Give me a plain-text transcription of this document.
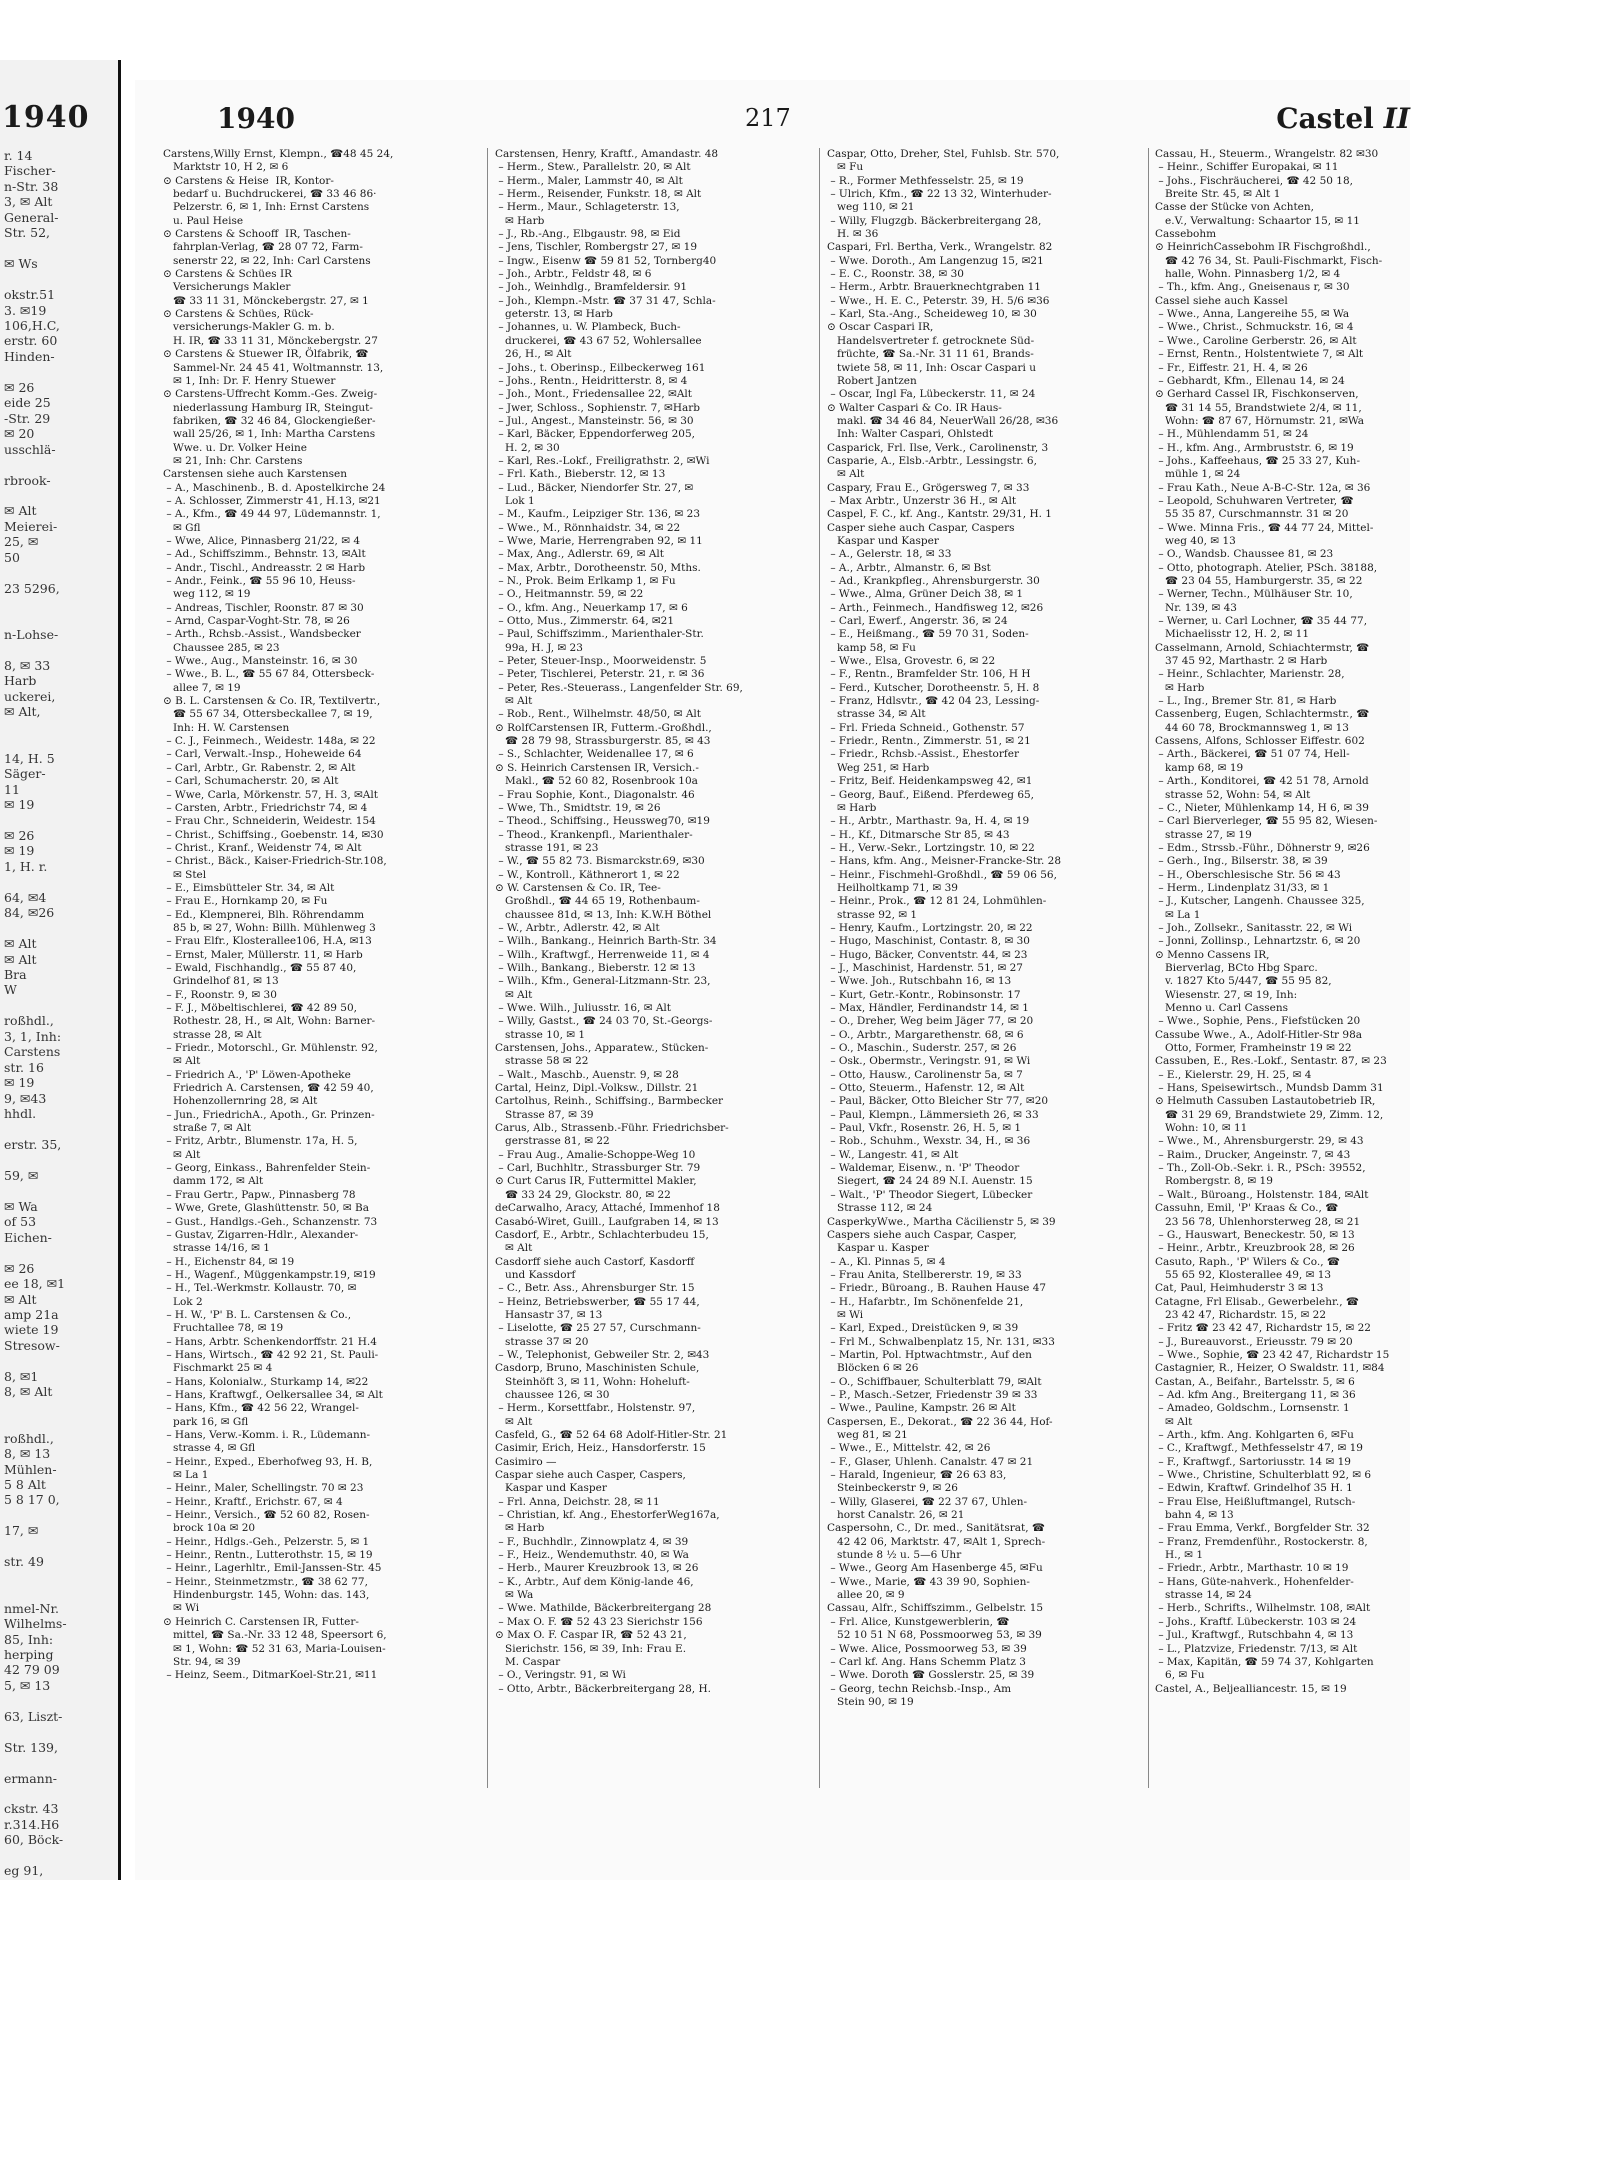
1940
r. 14
Fischer-
n-Str. 38
3, ✉ Alt
General-
Str. 52,

✉ Ws

okstr.51
3. ✉19
106,H.C,
erstr. 60
Hinden-

✉ 26
eide 25
-Str. 29
✉ 20
usschlä-

rbrook-

✉ Alt
Meierei-
25, ✉
50

23 5296,

n-Lohse-

8, ✉ 33
Harb
uckerei,
✉ Alt,

14, H. 5
Säger-
11
✉ 19

✉ 26
✉ 19
1, H. r.

64, ✉4
84, ✉26

✉ Alt
✉ Alt
Bra
W

roßhdl.,
3, 1, Inh:
Carstens
str. 16
✉ 19
9, ✉43
hhdl.

erstr. 35,

59, ✉

✉ Wa
of 53
Eichen-

✉ 26
ee 18, ✉1
✉ Alt
amp 21a
wiete 19
Stresow-

8, ✉1
8, ✉ Alt

roßhdl.,
8, ✉ 13
Mühlen-
5 8 Alt
5 8 17 0,

17, ✉

str. 49

nmel-Nr.
Wilhelms-
85, Inh:
herping
42 79 09
5, ✉ 13

63, Liszt-

Str. 139,

ermann-

ckstr. 43
r.314.H6
60, Böck-

eg 91,
1940	217	Castel II
Carstens,Willy Ernst, Klempn., ☎48 45 24,
Marktstr 10, H 2, ✉ 6
⊙ Carstens & Heise  IR, Kontor-
bedarf u. Buchdruckerei, ☎ 33 46 86·
Pelzerstr. 6, ✉ 1, Inh: Ernst Carstens
u. Paul Heise
⊙ Carstens & Schooff  IR, Taschen-
fahrplan-Verlag, ☎ 28 07 72, Farm-
senerstr 22, ✉ 22, Inh: Carl Carstens
⊙ Carstens & Schües IR
Versicherungs Makler
☎ 33 11 31, Mönckebergstr. 27, ✉ 1
⊙ Carstens & Schües, Rück-
versicherungs-Makler G. m. b.
H. IR, ☎ 33 11 31, Mönckebergstr. 27
⊙ Carstens & Stuewer IR, Ölfabrik, ☎
Sammel-Nr. 24 45 41, Woltmannstr. 13,
✉ 1, Inh: Dr. F. Henry Stuewer
⊙ Carstens-Uffrecht Komm.-Ges. Zweig-
niederlassung Hamburg IR, Steingut-
fabriken, ☎ 32 46 84, Glockengießer-
wall 25/26, ✉ 1, Inh: Martha Carstens
Wwe. u. Dr. Volker Heine
✉ 21, Inh: Chr. Carstens
Carstensen siehe auch Karstensen
– A., Maschinenb., B. d. Apostelkirche 24
– A. Schlosser, Zimmerstr 41, H.13, ✉21
– A., Kfm., ☎ 49 44 97, Lüdemannstr. 1,
✉ Gfl
– Wwe, Alice, Pinnasberg 21/22, ✉ 4
– Ad., Schiffszimm., Behnstr. 13, ✉Alt
– Andr., Tischl., Andreasstr. 2 ✉ Harb
– Andr., Feink., ☎ 55 96 10, Heuss-
weg 112, ✉ 19
– Andreas, Tischler, Roonstr. 87 ✉ 30
– Arnd, Caspar-Voght-Str. 78, ✉ 26
– Arth., Rchsb.-Assist., Wandsbecker
Chaussee 285, ✉ 23
– Wwe., Aug., Mansteinstr. 16, ✉ 30
– Wwe., B. L., ☎ 55 67 84, Ottersbeck-
allee 7, ✉ 19
⊙ B. L. Carstensen & Co. IR, Textilvertr.,
☎ 55 67 34, Ottersbeckallee 7, ✉ 19,
Inh: H. W. Carstensen
– C. J., Feinmech., Weidestr. 148a, ✉ 22
– Carl, Verwalt.-Insp., Hoheweide 64
– Carl, Arbtr., Gr. Rabenstr. 2, ✉ Alt
– Carl, Schumacherstr. 20, ✉ Alt
– Wwe, Carla, Mörkenstr. 57, H. 3, ✉Alt
– Carsten, Arbtr., Friedrichstr 74, ✉ 4
– Frau Chr., Schneiderin, Weidestr. 154
– Christ., Schiffsing., Goebenstr. 14, ✉30
– Christ., Kranf., Weidenstr 74, ✉ Alt
– Christ., Bäck., Kaiser-Friedrich-Str.108,
✉ Stel
– E., Eimsbütteler Str. 34, ✉ Alt
– Frau E., Hornkamp 20, ✉ Fu
– Ed., Klempnerei, Blh. Röhrendamm
85 b, ✉ 27, Wohn: Billh. Mühlenweg 3
– Frau Elfr., Klosterallee106, H.A, ✉13
– Ernst, Maler, Müllerstr. 11, ✉ Harb
– Ewald, Fischhandlg., ☎ 55 87 40,
Grindelhof 81, ✉ 13
– F., Roonstr. 9, ✉ 30
– F. J., Möbeltischlerei, ☎ 42 89 50,
Rothestr. 28, H., ✉ Alt, Wohn: Barner-
strasse 28, ✉ Alt
– Friedr., Motorschl., Gr. Mühlenstr. 92,
✉ Alt
– Friedrich A., 'P' Löwen-Apotheke
Friedrich A. Carstensen, ☎ 42 59 40,
Hohenzollernring 28, ✉ Alt
– Jun., FriedrichA., Apoth., Gr. Prinzen-
straße 7, ✉ Alt
– Fritz, Arbtr., Blumenstr. 17a, H. 5,
✉ Alt
– Georg, Einkass., Bahrenfelder Stein-
damm 172, ✉ Alt
– Frau Gertr., Papw., Pinnasberg 78
– Wwe, Grete, Glashüttenstr. 50, ✉ Ba
– Gust., Handlgs.-Geh., Schanzenstr. 73
– Gustav, Zigarren-Hdlr., Alexander-
strasse 14/16, ✉ 1
– H., Eichenstr 84, ✉ 19
– H., Wagenf., Müggenkampstr.19, ✉19
– H., Tel.-Werkmstr. Kollaustr. 70, ✉
Lok 2
– H. W., 'P' B. L. Carstensen & Co.,
Fruchtallee 78, ✉ 19
– Hans, Arbtr. Schenkendorffstr. 21 H.4
– Hans, Wirtsch., ☎ 42 92 21, St. Pauli-
Fischmarkt 25 ✉ 4
– Hans, Kolonialw., Sturkamp 14, ✉22
– Hans, Kraftwgf., Oelkersallee 34, ✉ Alt
– Hans, Kfm., ☎ 42 56 22, Wrangel-
park 16, ✉ Gfl
– Hans, Verw.-Komm. i. R., Lüdemann-
strasse 4, ✉ Gfl
– Heinr., Exped., Eberhofweg 93, H. B,
✉ La 1
– Heinr., Maler, Schellingstr. 70 ✉ 23
– Heinr., Kraftf., Erichstr. 67, ✉ 4
– Heinr., Versich., ☎ 52 60 82, Rosen-
brock 10a ✉ 20
– Heinr., Hdlgs.-Geh., Pelzerstr. 5, ✉ 1
– Heinr., Rentn., Lutterothstr. 15, ✉ 19
– Heinr., Lagerhltr., Emil-Janssen-Str. 45
– Heinr., Steinmetzmstr., ☎ 38 62 77,
Hindenburgstr. 145, Wohn: das. 143,
✉ Wi
⊙ Heinrich C. Carstensen IR, Futter-
mittel, ☎ Sa.-Nr. 33 12 48, Speersort 6,
✉ 1, Wohn: ☎ 52 31 63, Maria-Louisen-
Str. 94, ✉ 39
– Heinz, Seem., DitmarKoel-Str.21, ✉11
Carstensen, Henry, Kraftf., Amandastr. 48
– Herm., Stew., Parallelstr. 20, ✉ Alt
– Herm., Maler, Lammstr 40, ✉ Alt
– Herm., Reisender, Funkstr. 18, ✉ Alt
– Herm., Maur., Schlageterstr. 13,
✉ Harb
– J., Rb.-Ang., Elbgaustr. 98, ✉ Eid
– Jens, Tischler, Rombergstr 27, ✉ 19
– Ingw., Eisenw ☎ 59 81 52, Tornberg40
– Joh., Arbtr., Feldstr 48, ✉ 6
– Joh., Weinhdlg., Bramfeldersir. 91
– Joh., Klempn.-Mstr. ☎ 37 31 47, Schla-
geterstr. 13, ✉ Harb
– Johannes, u. W. Plambeck, Buch-
druckerei, ☎ 43 67 52, Wohlersallee
26, H., ✉ Alt
– Johs., t. Oberinsp., Eilbeckerweg 161
– Johs., Rentn., Heidritterstr. 8, ✉ 4
– Joh., Mont., Friedensallee 22, ✉Alt
– Jwer, Schloss., Sophienstr. 7, ✉Harb
– Jul., Angest., Mansteinstr. 56, ✉ 30
– Karl, Bäcker, Eppendorferweg 205,
H. 2, ✉ 30
– Karl, Res.-Lokf., Freiligrathstr. 2, ✉Wi
– Frl. Kath., Bieberstr. 12, ✉ 13
– Lud., Bäcker, Niendorfer Str. 27, ✉
Lok 1
– M., Kaufm., Leipziger Str. 136, ✉ 23
– Wwe., M., Rönnhaidstr. 34, ✉ 22
– Wwe, Marie, Herrengraben 92, ✉ 11
– Max, Ang., Adlerstr. 69, ✉ Alt
– Max, Arbtr., Dorotheenstr. 50, Mths.
– N., Prok. Beim Erlkamp 1, ✉ Fu
– O., Heitmannstr. 59, ✉ 22
– O., kfm. Ang., Neuerkamp 17, ✉ 6
– Otto, Mus., Zimmerstr. 64, ✉21
– Paul, Schiffszimm., Marienthaler-Str.
99a, H. J, ✉ 23
– Peter, Steuer-Insp., Moorweidenstr. 5
– Peter, Tischlerei, Peterstr. 21, r. ✉ 36
– Peter, Res.-Steuerass., Langenfelder Str. 69,
✉ Alt
– Rob., Rent., Wilhelmstr. 48/50, ✉ Alt
⊙ RolfCarstensen IR, Futterm.-Großhdl.,
☎ 28 79 98, Strassburgerstr. 85, ✉ 43
– S., Schlachter, Weidenallee 17, ✉ 6
⊙ S. Heinrich Carstensen IR, Versich.-
Makl., ☎ 52 60 82, Rosenbrook 10a
– Frau Sophie, Kont., Diagonalstr. 46
– Wwe, Th., Smidtstr. 19, ✉ 26
– Theod., Schiffsing., Heussweg70, ✉19
– Theod., Krankenpfl., Marienthaler-
strasse 191, ✉ 23
– W., ☎ 55 82 73. Bismarckstr.69, ✉30
– W., Kontroll., Käthnerort 1, ✉ 22
⊙ W. Carstensen & Co. IR, Tee-
Großhdl., ☎ 44 65 19, Rothenbaum-
chaussee 81d, ✉ 13, Inh: K.W.H Böthel
– W., Arbtr., Adlerstr. 42, ✉ Alt
– Wilh., Bankang., Heinrich Barth-Str. 34
– Wilh., Kraftwgf., Herrenweide 11, ✉ 4
– Wilh., Bankang., Bieberstr. 12 ✉ 13
– Wilh., Kfm., General-Litzmann-Str. 23,
✉ Alt
– Wwe. Wilh., Juliusstr. 16, ✉ Alt
– Willy, Gastst., ☎ 24 03 70, St.-Georgs-
strasse 10, ✉ 1
Carstensen, Johs., Apparatew., Stücken-
strasse 58 ✉ 22
– Walt., Maschb., Auenstr. 9, ✉ 28
Cartal, Heinz, Dipl.-Volksw., Dillstr. 21
Cartolhus, Reinh., Schiffsing., Barmbecker
Strasse 87, ✉ 39
Carus, Alb., Strassenb.-Führ. Friedrichsber-
gerstrasse 81, ✉ 22
– Frau Aug., Amalie-Schoppe-Weg 10
– Carl, Buchhltr., Strassburger Str. 79
⊙ Curt Carus IR, Futtermittel Makler,
☎ 33 24 29, Glockstr. 80, ✉ 22
deCarwalho, Aracy, Attaché, Immenhof 18
Casabó-Wiret, Guill., Laufgraben 14, ✉ 13
Casdorf, E., Arbtr., Schlachterbudeu 15,
✉ Alt
Casdorff siehe auch Castorf, Kasdorff
und Kassdorf
– C., Betr. Ass., Ahrensburger Str. 15
– Heinz, Betriebswerber, ☎ 55 17 44,
Hansastr 37, ✉ 13
– Liselotte, ☎ 25 27 57, Curschmann-
strasse 37 ✉ 20
– W., Telephonist, Gebweiler Str. 2, ✉43
Casdorp, Bruno, Maschinisten Schule,
Steinhöft 3, ✉ 11, Wohn: Hoheluft-
chaussee 126, ✉ 30
– Herm., Korsettfabr., Holstenstr. 97,
✉ Alt
Casfeld, G., ☎ 52 64 68 Adolf-Hitler-Str. 21
Casimir, Erich, Heiz., Hansdorferstr. 15
Casimiro —
Caspar siehe auch Casper, Caspers,
Kaspar und Kasper
– Frl. Anna, Deichstr. 28, ✉ 11
– Christian, kf. Ang., EhestorferWeg167a,
✉ Harb
– F., Buchhdlr., Zinnowplatz 4, ✉ 39
– F., Heiz., Wendemuthstr. 40, ✉ Wa
– Herb., Maurer Kreuzbrook 13, ✉ 26
– K., Arbtr., Auf dem König-lande 46,
✉ Wa
– Wwe. Mathilde, Bäckerbreitergang 28
– Max O. F. ☎ 52 43 23 Sierichstr 156
⊙ Max O. F. Caspar IR, ☎ 52 43 21,
Sierichstr. 156, ✉ 39, Inh: Frau E.
M. Caspar
– O., Veringstr. 91, ✉ Wi
– Otto, Arbtr., Bäckerbreitergang 28, H.
Caspar, Otto, Dreher, Stel, Fuhlsb. Str. 570,
✉ Fu
– R., Former Methfesselstr. 25, ✉ 19
– Ulrich, Kfm., ☎ 22 13 32, Winterhuder-
weg 110, ✉ 21
– Willy, Flugzgb. Bäckerbreitergang 28,
H. ✉ 36
Caspari, Frl. Bertha, Verk., Wrangelstr. 82
– Wwe. Doroth., Am Langenzug 15, ✉21
– E. C., Roonstr. 38, ✉ 30
– Herm., Arbtr. Brauerknechtgraben 11
– Wwe., H. E. C., Peterstr. 39, H. 5/6 ✉36
– Karl, Sta.-Ang., Scheideweg 10, ✉ 30
⊙ Oscar Caspari IR,
Handelsvertreter f. getrocknete Süd-
früchte, ☎ Sa.-Nr. 31 11 61, Brands-
twiete 58, ✉ 11, Inh: Oscar Caspari u
Robert Jantzen
– Oscar, Ingl Fa, Lübeckerstr. 11, ✉ 24
⊙ Walter Caspari & Co. IR Haus-
makl. ☎ 34 46 84, NeuerWall 26/28, ✉36
Inh: Walter Caspari, Ohlstedt
Casparick, Frl. Ilse, Verk., Carolinenstr, 3
Casparie, A., Elsb.-Arbtr., Lessingstr. 6,
✉ Alt
Caspary, Frau E., Grögersweg 7, ✉ 33
– Max Arbtr., Unzerstr 36 H., ✉ Alt
Caspel, F. C., kf. Ang., Kantstr. 29/31, H. 1
Casper siehe auch Caspar, Caspers
Kaspar und Kasper
– A., Gelerstr. 18, ✉ 33
– A., Arbtr., Almanstr. 6, ✉ Bst
– Ad., Krankpfleg., Ahrensburgerstr. 30
– Wwe., Alma, Grüner Deich 38, ✉ 1
– Arth., Feinmech., Handfisweg 12, ✉26
– Carl, Ewerf., Angerstr. 36, ✉ 24
– E., Heißmang., ☎ 59 70 31, Soden-
kamp 58, ✉ Fu
– Wwe., Elsa, Grovestr. 6, ✉ 22
– F., Rentn., Bramfelder Str. 106, H H
– Ferd., Kutscher, Dorotheenstr. 5, H. 8
– Franz, Hdlsvtr., ☎ 42 04 23, Lessing-
strasse 34, ✉ Alt
– Frl. Frieda Schneid., Gothenstr. 57
– Friedr., Rentn., Zimmerstr. 51, ✉ 21
– Friedr., Rchsb.-Assist., Ehestorfer
Weg 251, ✉ Harb
– Fritz, Beif. Heidenkampsweg 42, ✉1
– Georg, Bauf., Eißend. Pferdeweg 65,
✉ Harb
– H., Arbtr., Marthastr. 9a, H. 4, ✉ 19
– H., Kf., Ditmarsche Str 85, ✉ 43
– H., Verw.-Sekr., Lortzingstr. 10, ✉ 22
– Hans, kfm. Ang., Meisner-Francke-Str. 28
– Heinr., Fischmehl-Großhdl., ☎ 59 06 56,
Heilholtkamp 71, ✉ 39
– Heinr., Prok., ☎ 12 81 24, Lohmühlen-
strasse 92, ✉ 1
– Henry, Kaufm., Lortzingstr. 20, ✉ 22
– Hugo, Maschinist, Contastr. 8, ✉ 30
– Hugo, Bäcker, Conventstr. 44, ✉ 23
– J., Maschinist, Hardenstr. 51, ✉ 27
– Wwe. Joh., Rutschbahn 16, ✉ 13
– Kurt, Getr.-Kontr., Robinsonstr. 17
– Max, Händler, Ferdinandstr 14, ✉ 1
– O., Dreher, Weg beim Jäger 77, ✉ 20
– O., Arbtr., Margarethenstr. 68, ✉ 6
– O., Maschin., Suderstr. 257, ✉ 26
– Osk., Obermstr., Veringstr. 91, ✉ Wi
– Otto, Hausw., Carolinenstr 5a, ✉ 7
– Otto, Steuerm., Hafenstr. 12, ✉ Alt
– Paul, Bäcker, Otto Bleicher Str 77, ✉20
– Paul, Klempn., Lämmersieth 26, ✉ 33
– Paul, Vkfr., Rosenstr. 26, H. 5, ✉ 1
– Rob., Schuhm., Wexstr. 34, H., ✉ 36
– W., Langestr. 41, ✉ Alt
– Waldemar, Eisenw., n. 'P' Theodor
Siegert, ☎ 24 24 89 N.I. Auenstr. 15
– Walt., 'P' Theodor Siegert, Lübecker
Strasse 112, ✉ 24
CasperkyWwe., Martha Cäcilienstr 5, ✉ 39
Caspers siehe auch Caspar, Casper,
Kaspar u. Kasper
– A., Kl. Pinnas 5, ✉ 4
– Frau Anita, Stellbererstr. 19, ✉ 33
– Friedr., Büroang., B. Rauhen Hause 47
– H., Hafarbtr., Im Schönenfelde 21,
✉ Wi
– Karl, Exped., Dreistücken 9, ✉ 39
– Frl M., Schwalbenplatz 15, Nr. 131, ✉33
– Martin, Pol. Hptwachtmstr., Auf den
Blöcken 6 ✉ 26
– O., Schiffbauer, Schulterblatt 79, ✉Alt
– P., Masch.-Setzer, Friedenstr 39 ✉ 33
– Wwe., Pauline, Kampstr. 26 ✉ Alt
Caspersen, E., Dekorat., ☎ 22 36 44, Hof-
weg 81, ✉ 21
– Wwe., E., Mittelstr. 42, ✉ 26
– F., Glaser, Uhlenh. Canalstr. 47 ✉ 21
– Harald, Ingenieur, ☎ 26 63 83,
Steinbeckerstr 9, ✉ 26
– Willy, Glaserei, ☎ 22 37 67, Uhlen-
horst Canalstr. 26, ✉ 21
Caspersohn, C., Dr. med., Sanitätsrat, ☎
42 42 06, Marktstr. 47, ✉Alt 1, Sprech-
stunde 8 ½ u. 5—6 Uhr
– Wwe., Georg Am Hasenberge 45, ✉Fu
– Wwe., Marie, ☎ 43 39 90, Sophien-
allee 20, ✉ 9
Cassau, Alfr., Schiffszimm., Gelbelstr. 15
– Frl. Alice, Kunstgewerblerin, ☎
52 10 51 N 68, Possmoorweg 53, ✉ 39
– Wwe. Alice, Possmoorweg 53, ✉ 39
– Carl kf. Ang. Hans Schemm Platz 3
– Wwe. Doroth ☎ Gosslerstr. 25, ✉ 39
– Georg, techn Reichsb.-Insp., Am
Stein 90, ✉ 19
Cassau, H., Steuerm., Wrangelstr. 82 ✉30
– Heinr., Schiffer Europakai, ✉ 11
– Johs., Fischräucherei, ☎ 42 50 18,
Breite Str. 45, ✉ Alt 1
Casse der Stücke von Achten,
e.V., Verwaltung: Schaartor 15, ✉ 11
Cassebohm
⊙ HeinrichCassebohm IR Fischgroßhdl.,
☎ 42 76 34, St. Pauli-Fischmarkt, Fisch-
halle, Wohn. Pinnasberg 1/2, ✉ 4
– Th., kfm. Ang., Gneisenaus r, ✉ 30
Cassel siehe auch Kassel
– Wwe., Anna, Langereihe 55, ✉ Wa
– Wwe., Christ., Schmuckstr. 16, ✉ 4
– Wwe., Caroline Gerberstr. 26, ✉ Alt
– Ernst, Rentn., Holstentwiete 7, ✉ Alt
– Fr., Eiffestr. 21, H. 4, ✉ 26
– Gebhardt, Kfm., Ellenau 14, ✉ 24
⊙ Gerhard Cassel IR, Fischkonserven,
☎ 31 14 55, Brandstwiete 2/4, ✉ 11,
Wohn: ☎ 87 67, Hörnumstr. 21, ✉Wa
– H., Mühlendamm 51, ✉ 24
– H., kfm. Ang., Armbruststr. 6, ✉ 19
– Johs., Kaffeehaus, ☎ 25 33 27, Kuh-
mühle 1, ✉ 24
– Frau Kath., Neue A-B-C-Str. 12a, ✉ 36
– Leopold, Schuhwaren Vertreter, ☎
55 35 87, Curschmannstr. 31 ✉ 20
– Wwe. Minna Fris., ☎ 44 77 24, Mittel-
weg 40, ✉ 13
– O., Wandsb. Chaussee 81, ✉ 23
– Otto, photograph. Atelier, PSch. 38188,
☎ 23 04 55, Hamburgerstr. 35, ✉ 22
– Werner, Techn., Mülhäuser Str. 10,
Nr. 139, ✉ 43
– Werner, u. Carl Lochner, ☎ 35 44 77,
Michaelisstr 12, H. 2, ✉ 11
Casselmann, Arnold, Schiachtermstr, ☎
37 45 92, Marthastr. 2 ✉ Harb
– Heinr., Schlachter, Marienstr. 28,
✉ Harb
– L., Ing., Bremer Str. 81, ✉ Harb
Cassenberg, Eugen, Schlachtermstr., ☎
44 60 78, Brockmannsweg 1, ✉ 13
Cassens, Alfons, Schlosser Eiffestr. 602
– Arth., Bäckerei, ☎ 51 07 74, Hell-
kamp 68, ✉ 19
– Arth., Konditorei, ☎ 42 51 78, Arnold
strasse 52, Wohn: 54, ✉ Alt
– C., Nieter, Mühlenkamp 14, H 6, ✉ 39
– Carl Bierverleger, ☎ 55 95 82, Wiesen-
strasse 27, ✉ 19
– Edm., Strssb.-Führ., Döhnerstr 9, ✉26
– Gerh., Ing., Bilserstr. 38, ✉ 39
– H., Oberschlesische Str. 56 ✉ 43
– Herm., Lindenplatz 31/33, ✉ 1
– J., Kutscher, Langenh. Chaussee 325,
✉ La 1
– Joh., Zollsekr., Sanitasstr. 22, ✉ Wi
– Jonni, Zollinsp., Lehnartzstr. 6, ✉ 20
⊙ Menno Cassens IR,
Bierverlag, BCto Hbg Sparc.
v. 1827 Kto 5/447, ☎ 55 95 82,
Wiesenstr. 27, ✉ 19, Inh:
Menno u. Carl Cassens
– Wwe., Sophie, Pens., Fiefstücken 20
Cassube Wwe., A., Adolf-Hitler-Str 98a
Otto, Former, Framheinstr 19 ✉ 22
Cassuben, E., Res.-Lokf., Sentastr. 87, ✉ 23
– E., Kielerstr. 29, H. 25, ✉ 4
– Hans, Speisewirtsch., Mundsb Damm 31
⊙ Helmuth Cassuben Lastautobetrieb IR,
☎ 31 29 69, Brandstwiete 29, Zimm. 12,
Wohn: 10, ✉ 11
– Wwe., M., Ahrensburgerstr. 29, ✉ 43
– Raim., Drucker, Angeinstr. 7, ✉ 43
– Th., Zoll-Ob.-Sekr. i. R., PSch: 39552,
Rombergstr. 8, ✉ 19
– Walt., Büroang., Holstenstr. 184, ✉Alt
Cassuhn, Emil, 'P' Kraas & Co., ☎
23 56 78, Uhlenhorsterweg 28, ✉ 21
– G., Hauswart, Beneckestr. 50, ✉ 13
– Heinr., Arbtr., Kreuzbrook 28, ✉ 26
Casuto, Raph., 'P' Wilers & Co., ☎
55 65 92, Klosterallee 49, ✉ 13
Cat, Paul, Heimhuderstr 3 ✉ 13
Catagne, Frl Elisab., Gewerbelehr., ☎
23 42 47, Richardstr. 15, ✉ 22
– Fritz ☎ 23 42 47, Richardstr 15, ✉ 22
– J., Bureauvorst., Erieusstr. 79 ✉ 20
– Wwe., Sophie, ☎ 23 42 47, Richardstr 15
Castagnier, R., Heizer, O Swaldstr. 11, ✉84
Castan, A., Beifahr., Bartelsstr. 5, ✉ 6
– Ad. kfm Ang., Breitergang 11, ✉ 36
– Amadeo, Goldschm., Lornsenstr. 1
✉ Alt
– Arth., kfm. Ang. Kohlgarten 6, ✉Fu
– C., Kraftwgf., Methfesselstr 47, ✉ 19
– F., Kraftwgf., Sartoriusstr. 14 ✉ 19
– Wwe., Christine, Schulterblatt 92, ✉ 6
– Edwin, Kraftwf. Grindelhof 35 H. 1
– Frau Else, Heißluftmangel, Rutsch-
bahn 4, ✉ 13
– Frau Emma, Verkf., Borgfelder Str. 32
– Franz, Fremdenführ., Rostockerstr. 8,
H., ✉ 1
– Friedr., Arbtr., Marthastr. 10 ✉ 19
– Hans, Güte-nahverk., Hohenfelder-
strasse 14, ✉ 24
– Herb., Schrifts., Wilhelmstr. 108, ✉Alt
– Johs., Kraftf. Lübeckerstr. 103 ✉ 24
– Jul., Kraftwgf., Rutschbahn 4, ✉ 13
– L., Platzvize, Friedenstr. 7/13, ✉ Alt
– Max, Kapitän, ☎ 59 74 37, Kohlgarten
6, ✉ Fu
Castel, A., Beljealliancestr. 15, ✉ 19
